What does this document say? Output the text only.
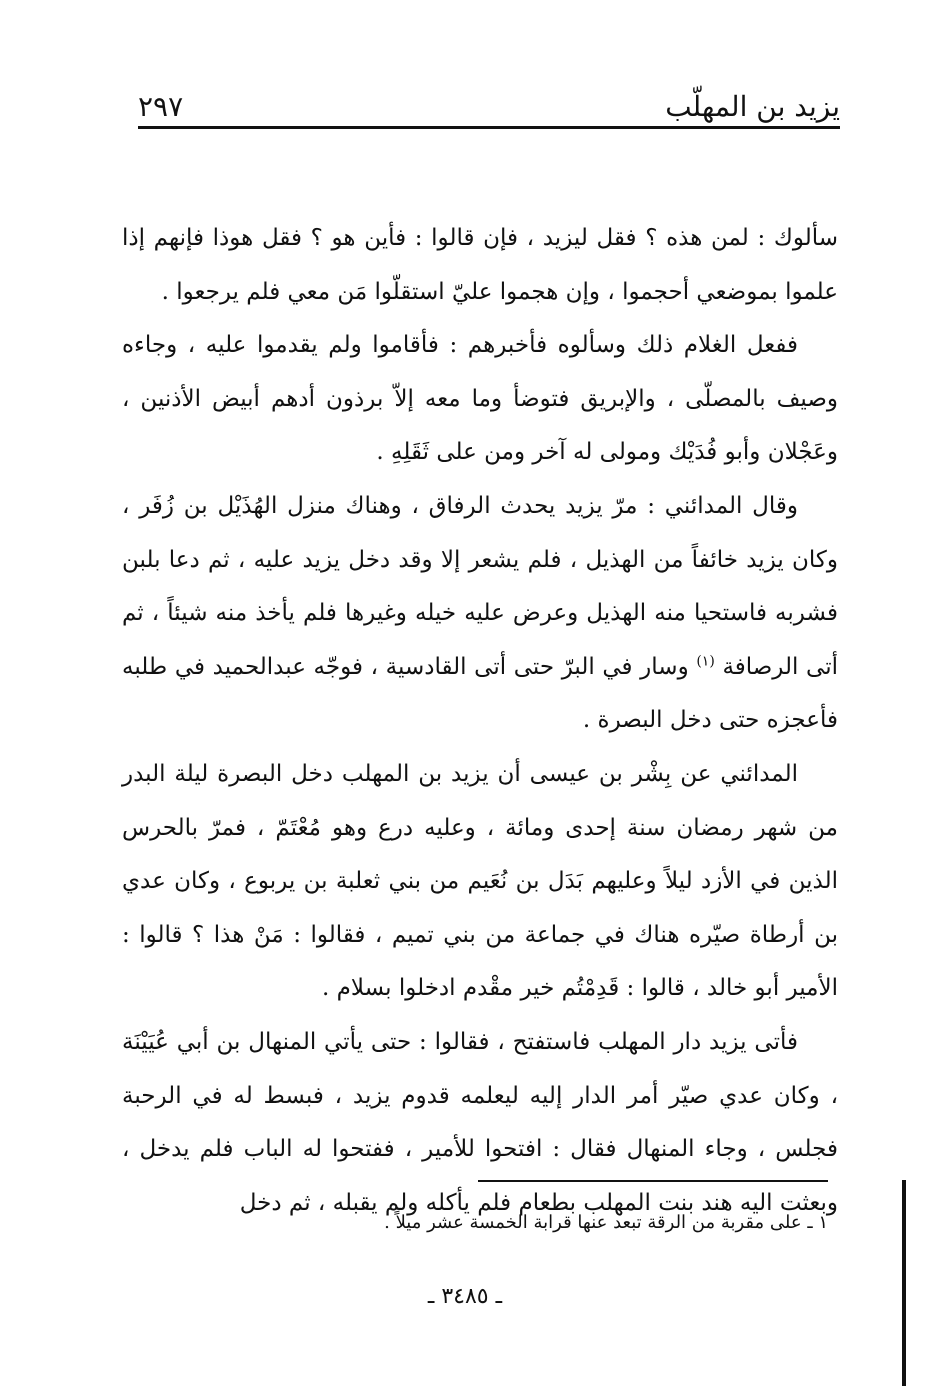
يزيد بن المهلّب
٢٩٧

سألوك : لمن هذه ؟ فقل ليزيد ، فإن قالوا : فأين هو ؟ فقل هوذا فإنهم إذا علموا بموضعي أحجموا ، وإن هجموا عليّ استقلّوا مَن معي فلم يرجعوا .

ففعل الغلام ذلك وسألوه فأخبرهم : فأقاموا ولم يقدموا عليه ، وجاءه وصيف بالمصلّى ، والإبريق فتوضأ وما معه إلاّ برذون أدهم أبيض الأذنين ، وعَجْلان وأبو فُدَيْك ومولى له آخر ومن على ثَقَلِهِ .

وقال المدائني : مرّ يزيد يحدث الرفاق ، وهناك منزل الهُذَيْل بن زُفَر ، وكان يزيد خائفاً من الهذيل ، فلم يشعر إلا وقد دخل يزيد عليه ، ثم دعا بلبن فشربه فاستحيا منه الهذيل وعرض عليه خيله وغيرها فلم يأخذ منه شيئاً ، ثم أتى الرصافة $^{(١)}$ وسار في البرّ حتى أتى القادسية ، فوجّه عبدالحميد في طلبه فأعجزه حتى دخل البصرة .

المدائني عن بِشْر بن عيسى أن يزيد بن المهلب دخل البصرة ليلة البدر من شهر رمضان سنة إحدى ومائة ، وعليه درع وهو مُعْتَمّ ، فمرّ بالحرس الذين في الأزد ليلاً وعليهم بَدَل بن نُعَيم من بني ثعلبة بن يربوع ، وكان عدي بن أرطاة صيّره هناك في جماعة من بني تميم ، فقالوا : مَنْ هذا ؟ قالوا : الأمير أبو خالد ، قالوا : قَدِمْتُم خير مقْدم ادخلوا بسلام .

فأتى يزيد دار المهلب فاستفتح ، فقالوا : حتى يأتي المنهال بن أبي عُيَيْنَة ، وكان عدي صيّر أمر الدار إليه ليعلمه قدوم يزيد ، فبسط له في الرحبة فجلس ، وجاء المنهال فقال : افتحوا للأمير ، ففتحوا له الباب فلم يدخل ، وبعثت اليه هند بنت المهلب بطعام فلم يأكله ولم يقبله ، ثم دخل

١ ـ على مقربة من الرقة تبعد عنها قرابة الخمسة عشر ميلاً .
ـ ٣٤٨٥ ـ
